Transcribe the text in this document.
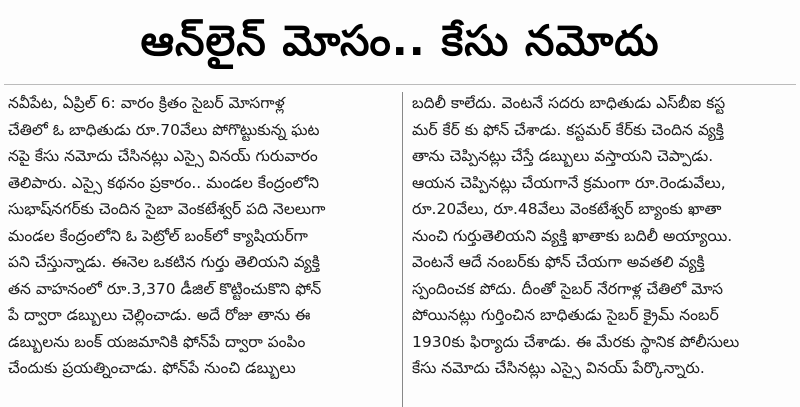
ఆన్‌లైన్ మోసం.. కేసు నమోదు
నవీపేట, ఏప్రిల్ 6: వారం క్రితం సైబర్ మోసగాళ్ల
చేతిలో ఓ బాధితుడు రూ.70వేలు పోగొట్టుకున్న ఘట
నపై కేసు నమోదు చేసినట్లు ఎస్సై వినయ్ గురువారం
తెలిపారు. ఎస్సై కథనం ప్రకారం.. మండల కేంద్రంలోని
సుభాష్‌నగర్‌కు చెందిన సైబా వెంకటేశ్వర్ పది నెలలుగా
మండల కేంద్రంలోని ఓ పెట్రోల్ బంక్‌లో క్యాషియర్‌గా
పని చేస్తున్నాడు. ఈనెల ఒకటిన గుర్తు తెలియని వ్యక్తి
తన వాహనంలో రూ.3,370 డీజిల్ కొట్టించుకొని ఫోన్
పే ద్వారా డబ్బులు చెల్లించాడు. అదే రోజు తాను ఈ
డబ్బులను బంక్ యజమానికి ఫోన్‌పే ద్వారా పంపిం
చేందుకు ప్రయత్నించాడు. ఫోన్‌పే నుంచి డబ్బులు
బదిలీ కాలేదు. వెంటనే సదరు బాధితుడు ఎస్‌బీఐ కస్ట
మర్ కేర్ కు ఫోన్ చేశాడు. కస్టమర్ కేర్‌కు చెందిన వ్యక్తి
తాను చెప్పినట్లు చేస్తే డబ్బులు వస్తాయని చెప్పాడు.
ఆయన చెప్పినట్లు చేయగానే క్రమంగా రూ.రెండువేలు,
రూ.20వేలు, రూ.48వేలు వెంకటేశ్వర్ బ్యాంకు ఖాతా
నుంచి గుర్తుతెలియని వ్యక్తి ఖాతాకు బదిలీ అయ్యాయి.
వెంటనే ఆదే నంబర్‌కు ఫోన్ చేయగా అవతలి వ్యక్తి
స్పందించక పోదు. దీంతో సైబర్ నేరగాళ్ల చేతిలో మోస
పోయినట్లు గుర్తించిన బాధితుడు సైబర్ క్రైమ్ నంబర్
1930కు ఫిర్యాదు చేశాడు. ఈ మేరకు స్థానిక పోలీసులు
కేసు నమోదు చేసినట్లు ఎస్సై వినయ్ పేర్కొన్నారు.
